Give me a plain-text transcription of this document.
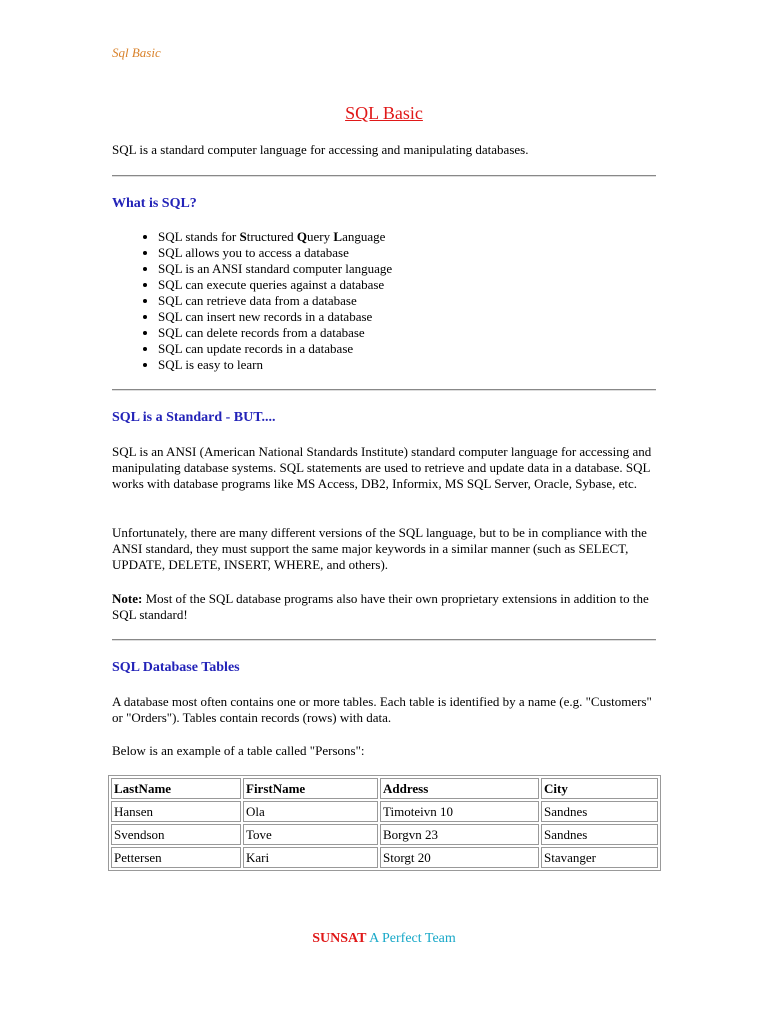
Sql Basic
SQL Basic

SQL is a standard computer language for accessing and manipulating databases.

What is SQL?
• SQL stands for Structured Query Language
• SQL allows you to access a database
• SQL is an ANSI standard computer language
• SQL can execute queries against a database
• SQL can retrieve data from a database
• SQL can insert new records in a database
• SQL can delete records from a database
• SQL can update records in a database
• SQL is easy to learn
SQL is a Standard - BUT....

SQL is an ANSI (American National Standards Institute) standard computer language for accessing and manipulating database systems. SQL statements are used to retrieve and update data in a database. SQL works with database programs like MS Access, DB2, Informix, MS SQL Server, Oracle, Sybase, etc.

Unfortunately, there are many different versions of the SQL language, but to be in compliance with the ANSI standard, they must support the same major keywords in a similar manner (such as SELECT, UPDATE, DELETE, INSERT, WHERE, and others).

Note: Most of the SQL database programs also have their own proprietary extensions in addition to the SQL standard!

SQL Database Tables

A database most often contains one or more tables. Each table is identified by a name (e.g. "Customers" or "Orders"). Tables contain records (rows) with data.

Below is an example of a table called "Persons":

LastName	FirstName	Address	City
Hansen	Ola	Timoteivn 10	Sandnes
Svendson	Tove	Borgvn 23	Sandnes
Pettersen	Kari	Storgt 20	Stavanger
SUNSAT A Perfect Team
